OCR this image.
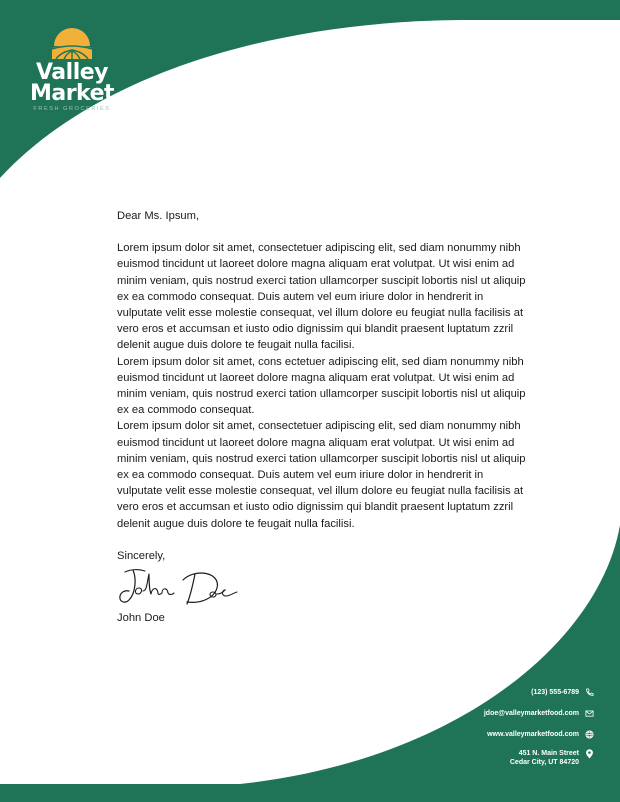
Valley
Market
FRESH GROCERIES

Dear Ms. Ipsum,

Lorem ipsum dolor sit amet, consectetuer adipiscing elit, sed diam nonummy nibh euismod tincidunt ut laoreet dolore magna aliquam erat volutpat. Ut wisi enim ad minim veniam, quis nostrud exerci tation ullamcorper suscipit lobortis nisl ut aliquip ex ea commodo consequat. Duis autem vel eum iriure dolor in hendrerit in vulputate velit esse molestie consequat, vel illum dolore eu feugiat nulla facilisis at vero eros et accumsan et iusto odio dignissim qui blandit praesent luptatum zzril delenit augue duis dolore te feugait nulla facilisi.

Lorem ipsum dolor sit amet, cons ectetuer adipiscing elit, sed diam nonummy nibh euismod tincidunt ut laoreet dolore magna aliquam erat volutpat. Ut wisi enim ad minim veniam, quis nostrud exerci tation ullamcorper suscipit lobortis nisl ut aliquip ex ea commodo consequat.

Lorem ipsum dolor sit amet, consectetuer adipiscing elit, sed diam nonummy nibh euismod tincidunt ut laoreet dolore magna aliquam erat volutpat. Ut wisi enim ad minim veniam, quis nostrud exerci tation ullamcorper suscipit lobortis nisl ut aliquip ex ea commodo consequat. Duis autem vel eum iriure dolor in hendrerit in vulputate velit esse molestie consequat, vel illum dolore eu feugiat nulla facilisis at vero eros et accumsan et iusto odio dignissim qui blandit praesent luptatum zzril delenit augue duis dolore te feugait nulla facilisi.

Sincerely,

John Doe

(123) 555-6789
jdoe@valleymarketfood.com
www.valleymarketfood.com
451 N. Main Street
Cedar City, UT 84720
